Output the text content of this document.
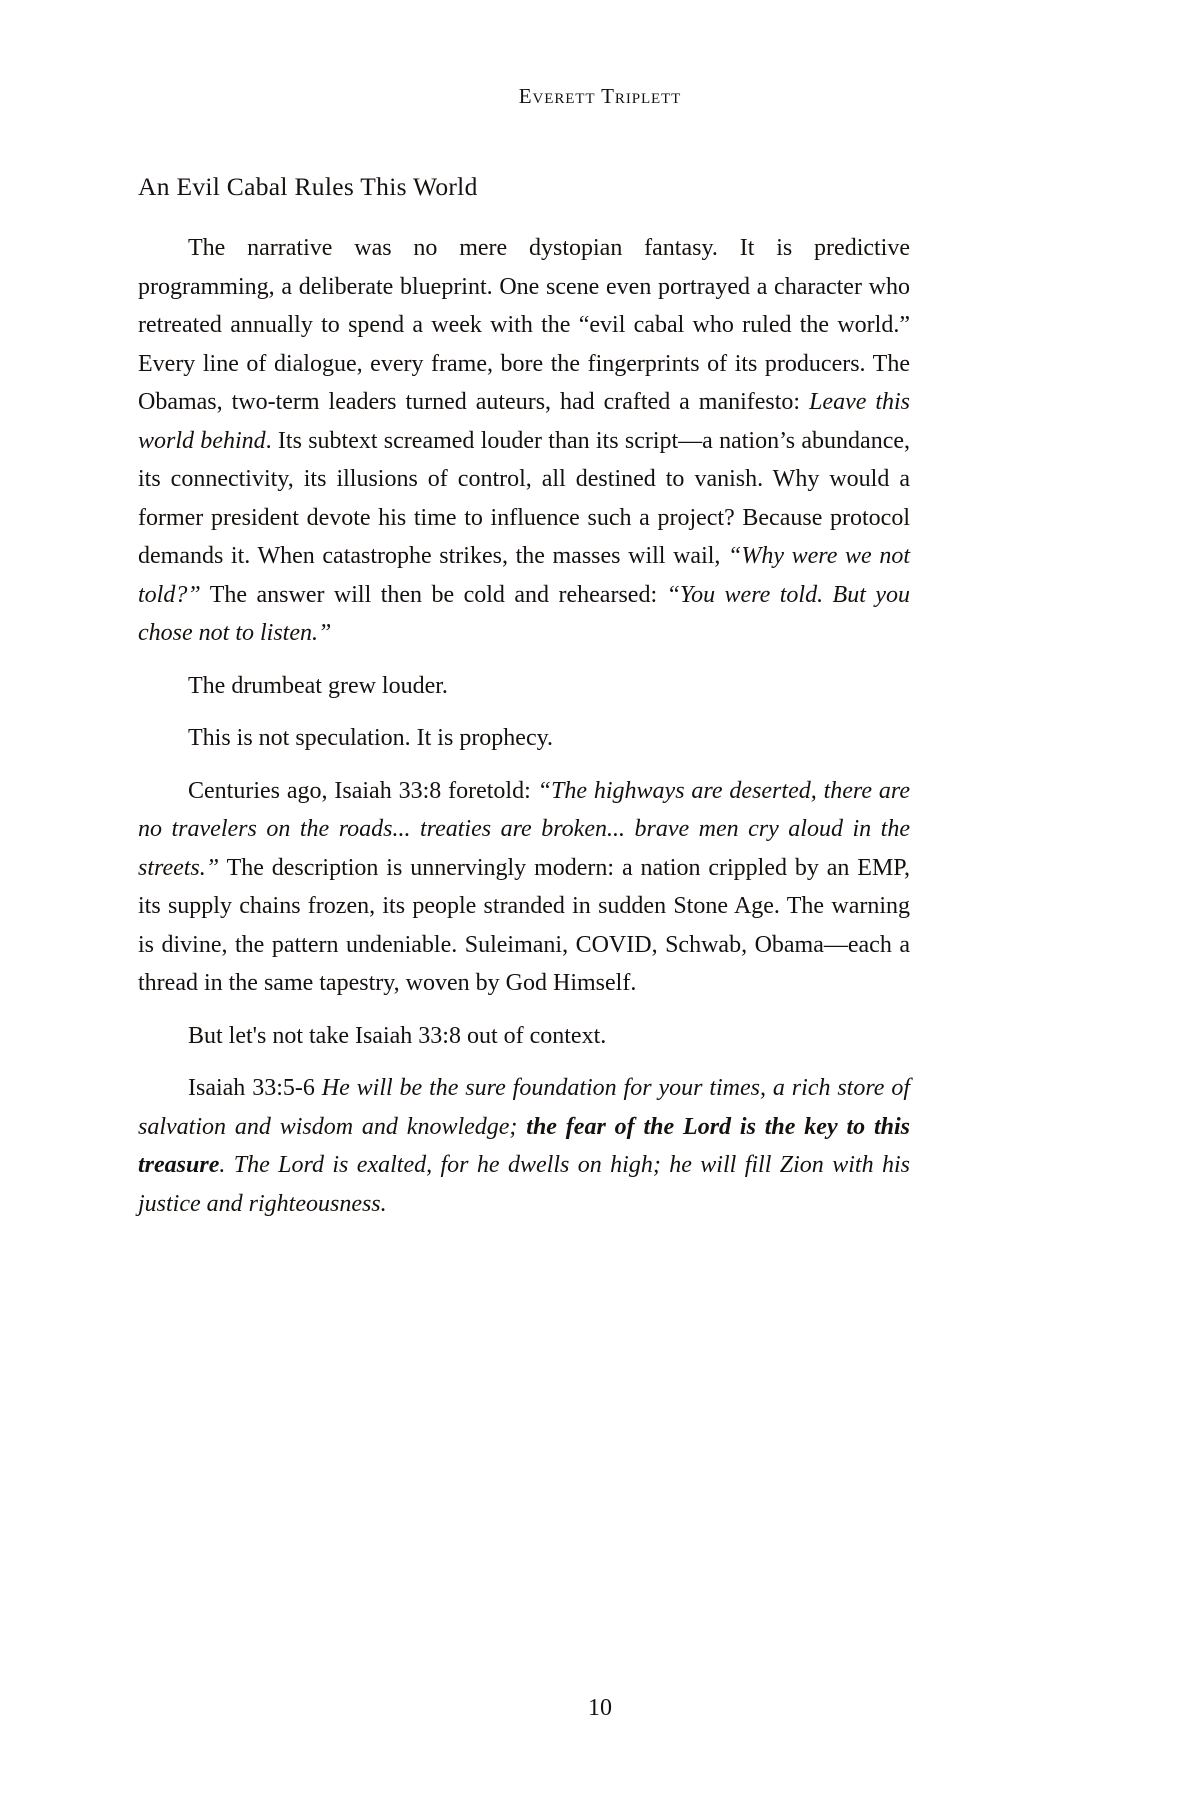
Everett Triplett
An Evil Cabal Rules This World

The narrative was no mere dystopian fantasy. It is predictive programming, a deliberate blueprint. One scene even portrayed a character who retreated annually to spend a week with the “evil cabal who ruled the world.” Every line of dialogue, every frame, bore the fingerprints of its producers. The Obamas, two-term leaders turned auteurs, had crafted a manifesto: Leave this world behind. Its subtext screamed louder than its script—a nation’s abundance, its connectivity, its illusions of control, all destined to vanish. Why would a former president devote his time to influence such a project? Because protocol demands it. When catastrophe strikes, the masses will wail, “Why were we not told?” The answer will then be cold and rehearsed: “You were told. But you chose not to listen.”

The drumbeat grew louder.

This is not speculation. It is prophecy.

Centuries ago, Isaiah 33:8 foretold: “The highways are deserted, there are no travelers on the roads... treaties are broken... brave men cry aloud in the streets.” The description is unnervingly modern: a nation crippled by an EMP, its supply chains frozen, its people stranded in sudden Stone Age. The warning is divine, the pattern undeniable. Suleimani, COVID, Schwab, Obama—each a thread in the same tapestry, woven by God Himself.

But let's not take Isaiah 33:8 out of context.

Isaiah 33:5-6 He will be the sure foundation for your times, a rich store of salvation and wisdom and knowledge; the fear of the Lord is the key to this treasure. The Lord is exalted, for he dwells on high; he will fill Zion with his justice and righteousness.

10
